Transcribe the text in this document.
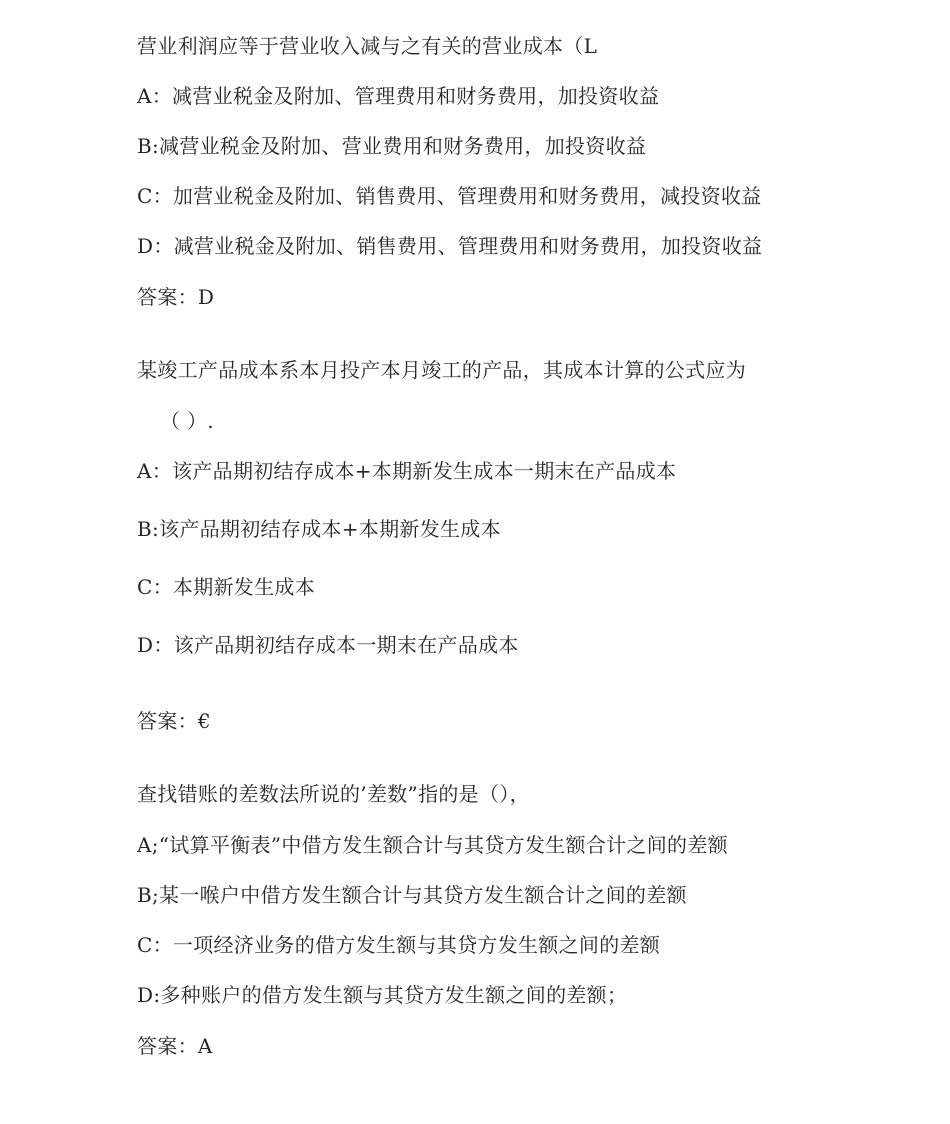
营业利润应等于营业收入减与之有关的营业成本（L
A：减营业税金及附加、管理费用和财务费用，加投资收益
B:减营业税金及附加、营业费用和财务费用，加投资收益
C：加营业税金及附加、销售费用、管理费用和财务费用，减投资收益
D：减营业税金及附加、销售费用、管理费用和财务费用，加投资收益
答案：D
某竣工产品成本系本月投产本月竣工的产品，其成本计算的公式应为
（ ）.
A：该产品期初结存成本+本期新发生成本一期末在产品成本
B:该产品期初结存成本+本期新发生成本
C：本期新发生成本
D：该产品期初结存成本一期末在产品成本
答案：€
查找错账的差数法所说的’差数”指的是（），
A;“试算平衡表”中借方发生额合计与其贷方发生额合计之间的差额
B;某一喉户中借方发生额合计与其贷方发生额合计之间的差额
C：一项经济业务的借方发生额与其贷方发生额之间的差额
D:多种账户的借方发生额与其贷方发生额之间的差额；
答案：A
